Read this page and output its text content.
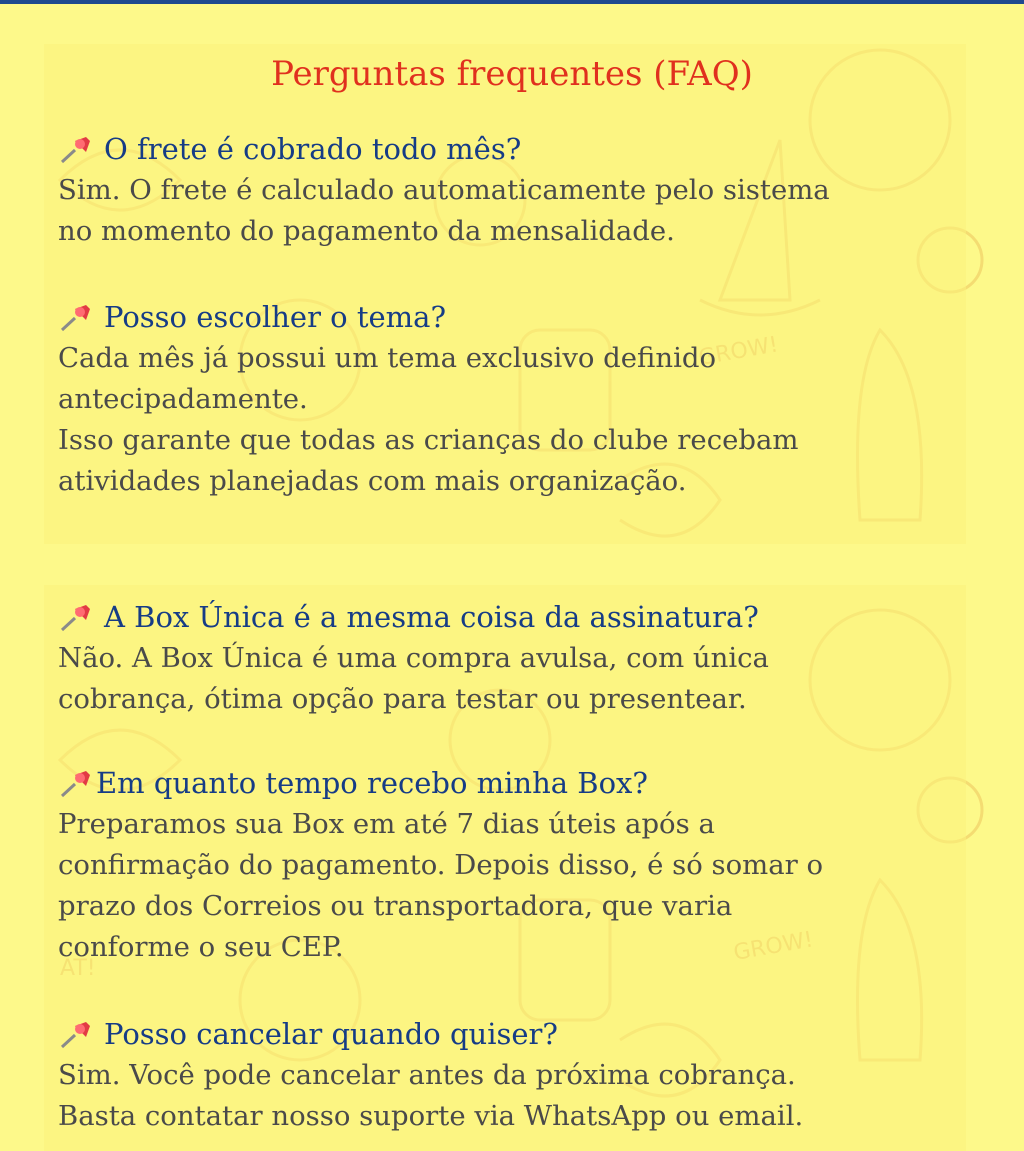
Perguntas frequentes (FAQ)
O frete é cobrado todo mês?

Sim. O frete é calculado automaticamente pelo sistema
no momento do pagamento da mensalidade.

Posso escolher o tema?

Cada mês já possui um tema exclusivo definido
antecipadamente.
Isso garante que todas as crianças do clube recebam
atividades planejadas com mais organização.

A Box Única é a mesma coisa da assinatura?

Não. A Box Única é uma compra avulsa, com única
cobrança, ótima opção para testar ou presentear.

Em quanto tempo recebo minha Box?

Preparamos sua Box em até 7 dias úteis após a
confirmação do pagamento. Depois disso, é só somar o
prazo dos Correios ou transportadora, que varia
conforme o seu CEP.

Posso cancelar quando quiser?

Sim. Você pode cancelar antes da próxima cobrança.
Basta contatar nosso suporte via WhatsApp ou email.
